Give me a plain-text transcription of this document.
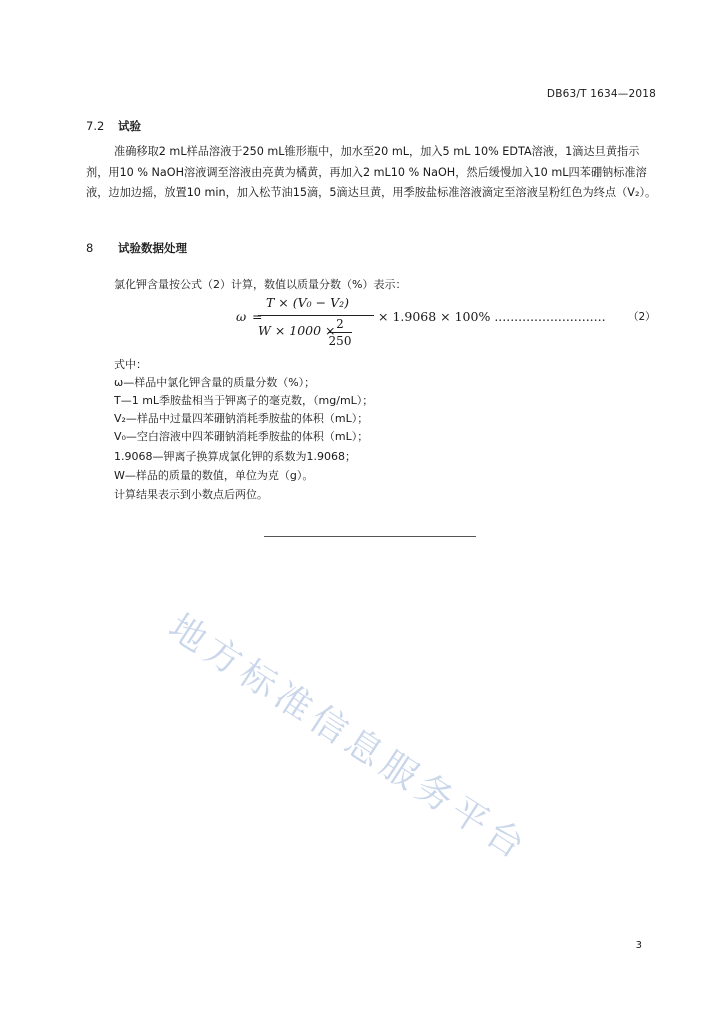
DB63/T 1634—2018
7.2 试验
准确移取2 mL样品溶液于250 mL锥形瓶中，加水至20 mL，加入5 mL 10% EDTA溶液，1滴达旦黄指示剂，用10 % NaOH溶液调至溶液由亮黄为橘黄，再加入2 mL10 % NaOH，然后缓慢加入10 mL四苯硼钠标准溶液，边加边摇，放置10 min，加入松节油15滴，5滴达旦黄，用季胺盐标准溶液滴定至溶液呈粉红色为终点（V₂）。
8 试验数据处理
氯化钾含量按公式（2）计算，数值以质量分数（%）表示：
ω =
T × (V₀ − V₂)
W × 1000 × 2
250
× 1.9068 × 100% ............................ （2）
式中：
ω—样品中氯化钾含量的质量分数（%）；
T—1 mL季胺盐相当于钾离子的毫克数，（mg/mL）；
V₂—样品中过量四苯硼钠消耗季胺盐的体积（mL）；
V₀—空白溶液中四苯硼钠消耗季胺盐的体积（mL）；
1.9068—钾离子换算成氯化钾的系数为1.9068；
W—样品的质量的数值，单位为克（g）。
计算结果表示到小数点后两位。
地方标准信息服务平台
3
